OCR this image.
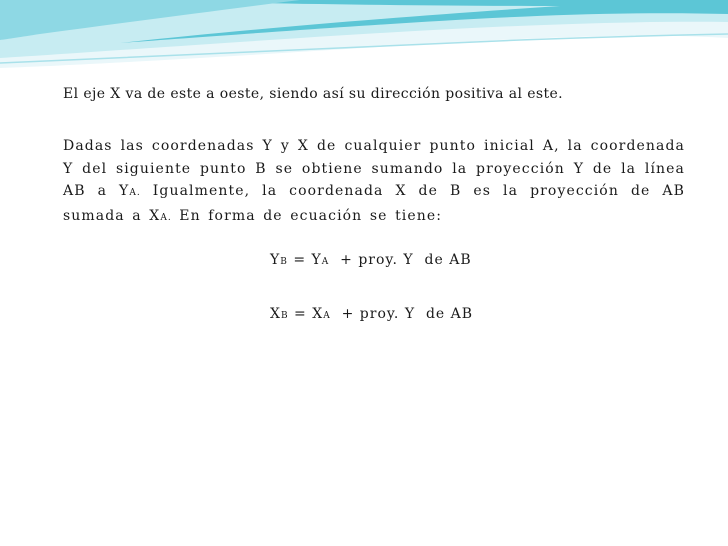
El eje X va de este a oeste, siendo así su dirección positiva al este.

Dadas las coordenadas Y y X de cualquier punto inicial A, la coordenada Y del siguiente punto B se obtiene sumando la proyección Y de la línea AB a YA. Igualmente, la coordenada X de B es la proyección de AB sumada a XA. En forma de ecuación se tiene:

YB = YA  + proy. Y  de AB
XB = XA  + proy. Y  de AB
